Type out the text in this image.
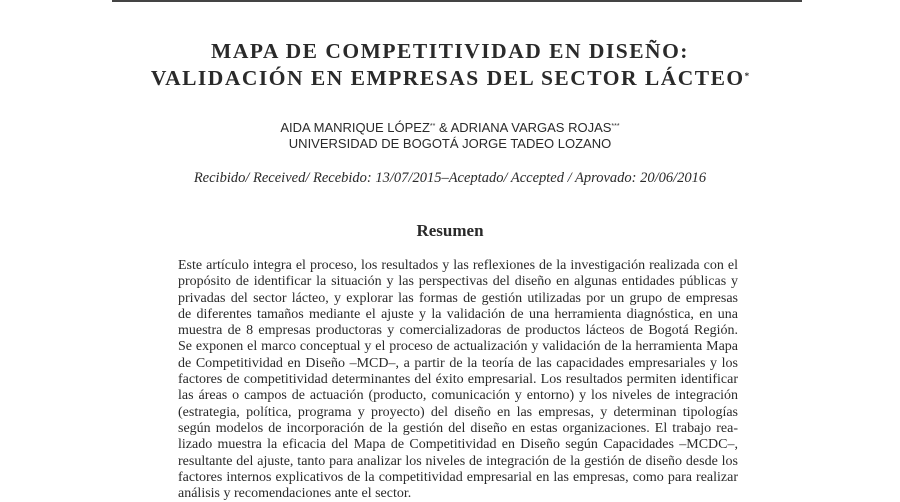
MAPA DE COMPETITIVIDAD EN DISEÑO:
VALIDACIÓN EN EMPRESAS DEL SECTOR LÁCTEO*
AIDA MANRIQUE LÓPEZ** & ADRIANA VARGAS ROJAS***
UNIVERSIDAD DE BOGOTÁ JORGE TADEO LOZANO
Recibido/ Received/ Recebido: 13/07/2015–Aceptado/ Accepted / Aprovado: 20/06/2016
Resumen
Este artículo integra el proceso, los resultados y las reflexiones de la investigación realizada con el
propósito de identificar la situación y las perspectivas del diseño en algunas entidades públicas y
privadas del sector lácteo, y explorar las formas de gestión utilizadas por un grupo de empresas
de diferentes tamaños mediante el ajuste y la validación de una herramienta diagnóstica, en una
muestra de 8 empresas productoras y comercializadoras de productos lácteos de Bogotá Región.
Se exponen el marco conceptual y el proceso de actualización y validación de la herramienta Mapa
de Competitividad en Diseño –MCD–, a partir de la teoría de las capacidades empresariales y los
factores de competitividad determinantes del éxito empresarial. Los resultados permiten identificar
las áreas o campos de actuación (producto, comunicación y entorno) y los niveles de integración
(estrategia, política, programa y proyecto) del diseño en las empresas, y determinan tipologías
según modelos de incorporación de la gestión del diseño en estas organizaciones. El trabajo rea-
lizado muestra la eficacia del Mapa de Competitividad en Diseño según Capacidades –MCDC–,
resultante del ajuste, tanto para analizar los niveles de integración de la gestión de diseño desde los
factores internos explicativos de la competitividad empresarial en las empresas, como para realizar
análisis y recomendaciones ante el sector.
